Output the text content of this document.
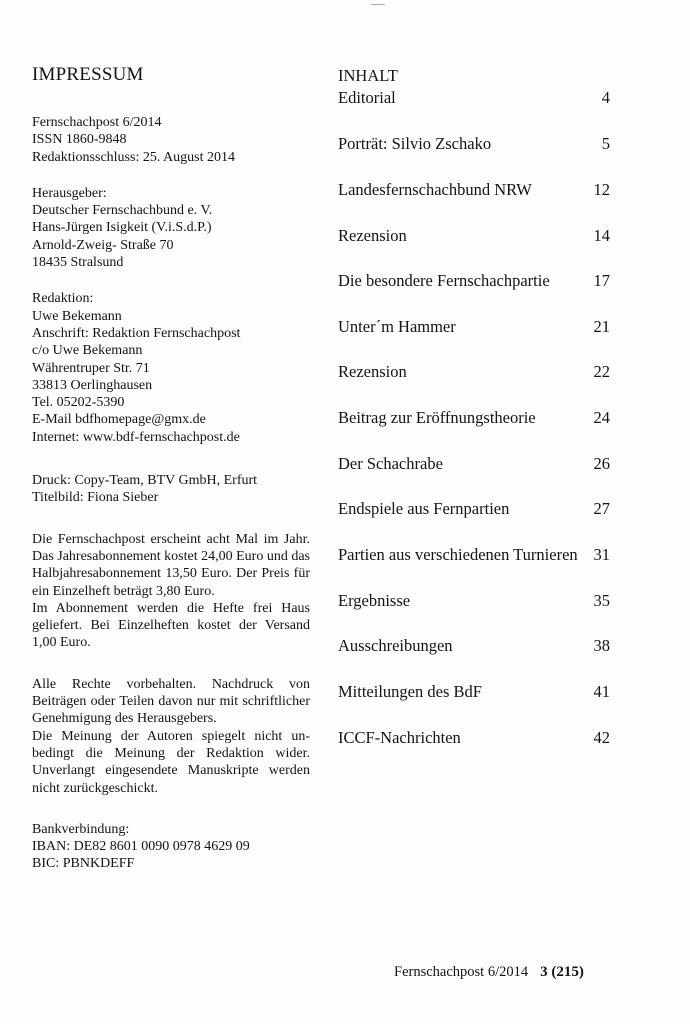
IMPRESSUM
Fernschachpost 6/2014
ISSN 1860-9848
Redaktionsschluss: 25. August 2014
Herausgeber:
Deutscher Fernschachbund e. V.
Hans-Jürgen Isigkeit (V.i.S.d.P.)
Arnold-Zweig- Straße 70
18435 Stralsund
Redaktion:
Uwe Bekemann
Anschrift: Redaktion Fernschachpost
c/o Uwe Bekemann
Währentruper Str. 71
33813 Oerlinghausen
Tel. 05202-5390
E-Mail bdfhomepage@gmx.de
Internet: www.bdf-fernschachpost.de
Druck: Copy-Team, BTV GmbH, Erfurt
Titelbild: Fiona Sieber
Die Fernschachpost erscheint acht Mal im Jahr. Das Jahresabonnement kostet 24,00 Euro und das Halbjahresabonnement 13,50 Euro. Der Preis für ein Einzelheft beträgt 3,80 Euro.
Im Abonnement werden die Hefte frei Haus geliefert. Bei Einzelheften kostet der Versand 1,00 Euro.
Alle Rechte vorbehalten. Nachdruck von Beiträgen oder Teilen davon nur mit schriftlicher Genehmigung des Herausgebers.
Die Meinung der Autoren spiegelt nicht unbedingt die Meinung der Redaktion wider. Unverlangt eingesendete Manuskripte werden nicht zurückgeschickt.
Bankverbindung:
IBAN: DE82 8601 0090 0978 4629 09
BIC: PBNKDEFF
INHALT
Editorial	4
Porträt: Silvio Zschako	5
Landesfernschachbund NRW	12
Rezension	14
Die besondere Fernschachpartie	17
Unter´m Hammer	21
Rezension	22
Beitrag zur Eröffnungstheorie	24
Der Schachrabe	26
Endspiele aus Fernpartien	27
Partien aus verschiedenen Turnieren 31
Ergebnisse	35
Ausschreibungen	38
Mitteilungen des BdF	41
ICCF-Nachrichten	42
Fernschachpost 6/2014 3 (215)
